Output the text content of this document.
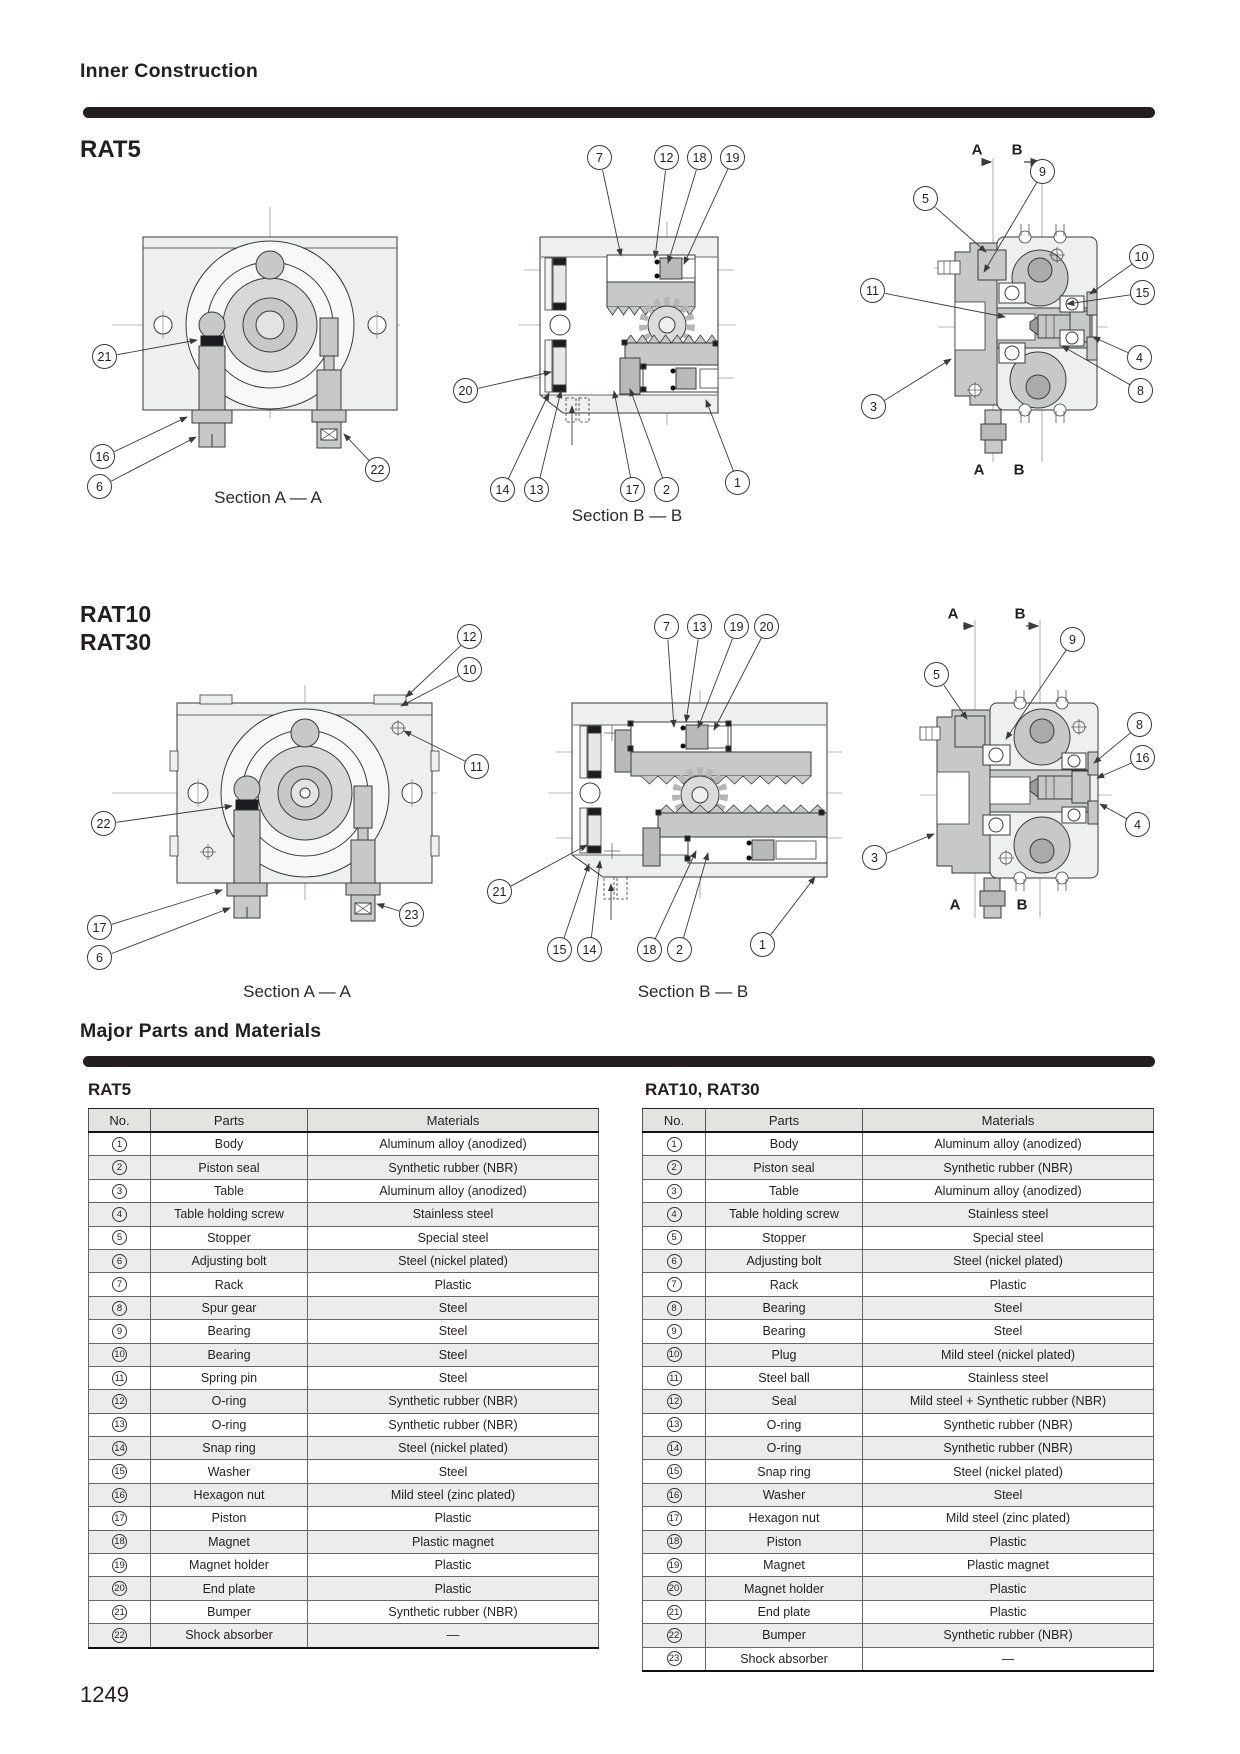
Inner Construction
RAT5
Section A — A
Section B — B
RAT10
RAT30
Section A — A	Section B — B
Major Parts and Materials
RAT5	RAT10, RAT30
No.	Parts	Materials
1	Body	Aluminum alloy (anodized)
2	Piston seal	Synthetic rubber (NBR)
3	Table	Aluminum alloy (anodized)
4	Table holding screw	Stainless steel
5	Stopper	Special steel
6	Adjusting bolt	Steel (nickel plated)
7	Rack	Plastic
8	Spur gear	Steel
9	Bearing	Steel
10	Bearing	Steel
11	Spring pin	Steel
12	O-ring	Synthetic rubber (NBR)
13	O-ring	Synthetic rubber (NBR)
14	Snap ring	Steel (nickel plated)
15	Washer	Steel
16	Hexagon nut	Mild steel (zinc plated)
17	Piston	Plastic
18	Magnet	Plastic magnet
19	Magnet holder	Plastic
20	End plate	Plastic
21	Bumper	Synthetic rubber (NBR)
22	Shock absorber	—
No.	Parts	Materials
1	Body	Aluminum alloy (anodized)
2	Piston seal	Synthetic rubber (NBR)
3	Table	Aluminum alloy (anodized)
4	Table holding screw	Stainless steel
5	Stopper	Special steel
6	Adjusting bolt	Steel (nickel plated)
7	Rack	Plastic
8	Bearing	Steel
9	Bearing	Steel
10	Plug	Mild steel (nickel plated)
11	Steel ball	Stainless steel
12	Seal	Mild steel + Synthetic rubber (NBR)
13	O-ring	Synthetic rubber (NBR)
14	O-ring	Synthetic rubber (NBR)
15	Snap ring	Steel (nickel plated)
16	Washer	Steel
17	Hexagon nut	Mild steel (zinc plated)
18	Piston	Plastic
19	Magnet	Plastic magnet
20	Magnet holder	Plastic
21	End plate	Plastic
22	Bumper	Synthetic rubber (NBR)
23	Shock absorber	—
1249
21
16
6
22
7	12	18	19
20
14	13	17	2	1
9
5
10
15
11
4
8
3
A B
A B
12
10
11
22
17
6
23
7	13	19	20
21
15	14	18	2	1
9
5
8
16
4
3
A	B
A	B
